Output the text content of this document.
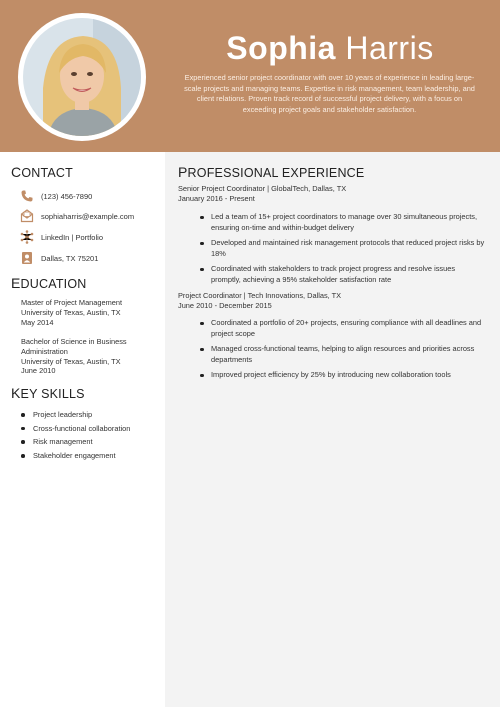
Sophia Harris
Experienced senior project coordinator with over 10 years of experience in leading large-scale projects and managing teams. Expertise in risk management, team leadership, and client relations. Proven track record of successful project delivery, with a focus on exceeding project goals and stakeholder satisfaction.
CONTACT
(123) 456-7890
sophiaharris@example.com
LinkedIn | Portfolio
Dallas, TX 75201
EDUCATION
Master of Project Management
University of Texas, Austin, TX
May 2014
Bachelor of Science in Business
Administration
University of Texas, Austin, TX
June 2010
KEY SKILLS
Project leadership
Cross-functional collaboration
Risk management
Stakeholder engagement
PROFESSIONAL EXPERIENCE
Senior Project Coordinator | GlobalTech, Dallas, TX
January 2016 - Present
Led a team of 15+ project coordinators to manage over 30 simultaneous projects, ensuring on-time and within-budget delivery
Developed and maintained risk management protocols that reduced project risks by 18%
Coordinated with stakeholders to track project progress and resolve issues promptly, achieving a 95% stakeholder satisfaction rate
Project Coordinator | Tech Innovations, Dallas, TX
June 2010 - December 2015
Coordinated a portfolio of 20+ projects, ensuring compliance with all deadlines and project scope
Managed cross-functional teams, helping to align resources and priorities across departments
Improved project efficiency by 25% by introducing new collaboration tools
